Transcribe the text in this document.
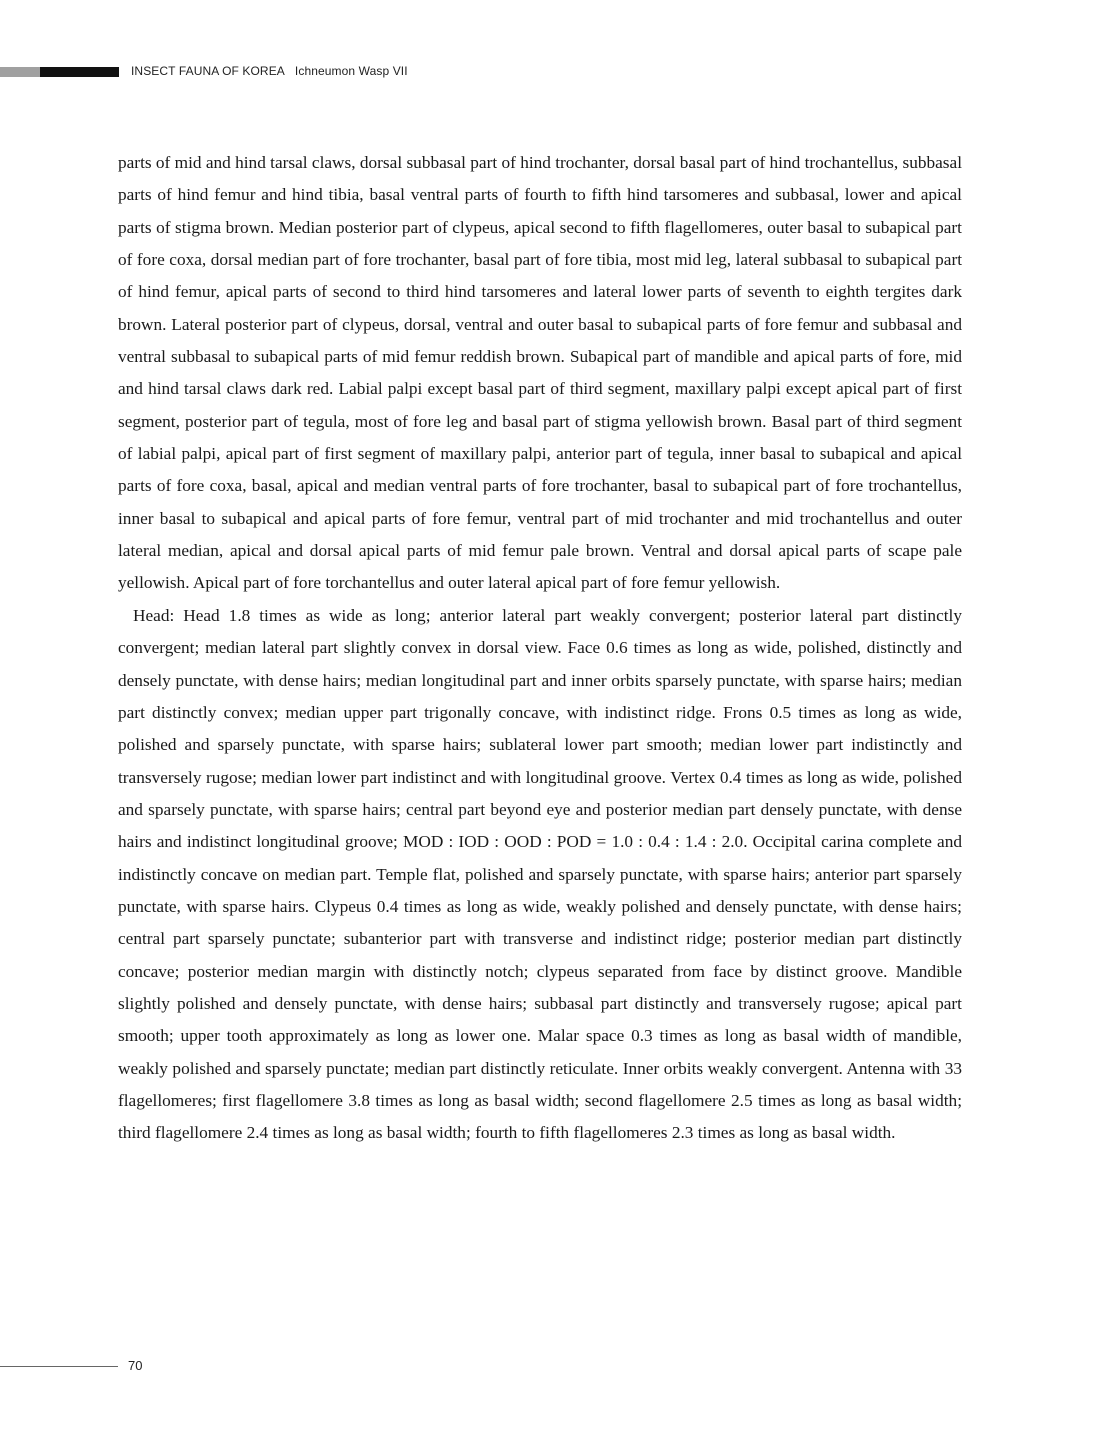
INSECT FAUNA OF KOREA Ichneumon Wasp VII

parts of mid and hind tarsal claws, dorsal subbasal part of hind trochanter, dorsal basal part of hind trochantellus, subbasal parts of hind femur and hind tibia, basal ventral parts of fourth to fifth hind tarsomeres and subbasal, lower and apical parts of stigma brown. Median posterior part of clypeus, apical second to fifth flagellomeres, outer basal to subapical part of fore coxa, dorsal median part of fore trochanter, basal part of fore tibia, most mid leg, lateral subbasal to subapical part of hind femur, apical parts of second to third hind tarsomeres and lateral lower parts of seventh to eighth tergites dark brown. Lateral posterior part of clypeus, dorsal, ventral and outer basal to subapical parts of fore femur and subbasal and ventral subbasal to subapical parts of mid femur reddish brown. Subapical part of mandible and apical parts of fore, mid and hind tarsal claws dark red. Labial palpi except basal part of third segment, maxillary palpi except apical part of first segment, posterior part of tegula, most of fore leg and basal part of stigma yellowish brown. Basal part of third segment of labial palpi, apical part of first segment of maxillary palpi, anterior part of tegula, inner basal to subapical and apical parts of fore coxa, basal, apical and median ventral parts of fore trochanter, basal to subapical part of fore trochantellus, inner basal to subapical and apical parts of fore femur, ventral part of mid trochanter and mid trochantellus and outer lateral median, apical and dorsal apical parts of mid femur pale brown. Ventral and dorsal apical parts of scape pale yellowish. Apical part of fore torchantellus and outer lateral apical part of fore femur yellowish.

Head: Head 1.8 times as wide as long; anterior lateral part weakly convergent; posterior lateral part distinctly convergent; median lateral part slightly convex in dorsal view. Face 0.6 times as long as wide, polished, distinctly and densely punctate, with dense hairs; median longitudinal part and inner orbits sparsely punctate, with sparse hairs; median part distinctly convex; median upper part trigonally concave, with indistinct ridge. Frons 0.5 times as long as wide, polished and sparsely punctate, with sparse hairs; sublateral lower part smooth; median lower part indistinctly and transversely rugose; median lower part indistinct and with longitudinal groove. Vertex 0.4 times as long as wide, polished and sparsely punctate, with sparse hairs; central part beyond eye and posterior median part densely punctate, with dense hairs and indistinct longitudinal groove; MOD : IOD : OOD : POD = 1.0 : 0.4 : 1.4 : 2.0. Occipital carina complete and indistinctly concave on median part. Temple flat, polished and sparsely punctate, with sparse hairs; anterior part sparsely punctate, with sparse hairs. Clypeus 0.4 times as long as wide, weakly polished and densely punctate, with dense hairs; central part sparsely punctate; subanterior part with transverse and indistinct ridge; posterior median part distinctly concave; posterior median margin with distinctly notch; clypeus separated from face by distinct groove. Mandible slightly polished and densely punctate, with dense hairs; subbasal part distinctly and transversely rugose; apical part smooth; upper tooth approximately as long as lower one. Malar space 0.3 times as long as basal width of mandible, weakly polished and sparsely punctate; median part distinctly reticulate. Inner orbits weakly convergent. Antenna with 33 flagellomeres; first flagellomere 3.8 times as long as basal width; second flagellomere 2.5 times as long as basal width; third flagellomere 2.4 times as long as basal width; fourth to fifth flagellomeres 2.3 times as long as basal width.

70
